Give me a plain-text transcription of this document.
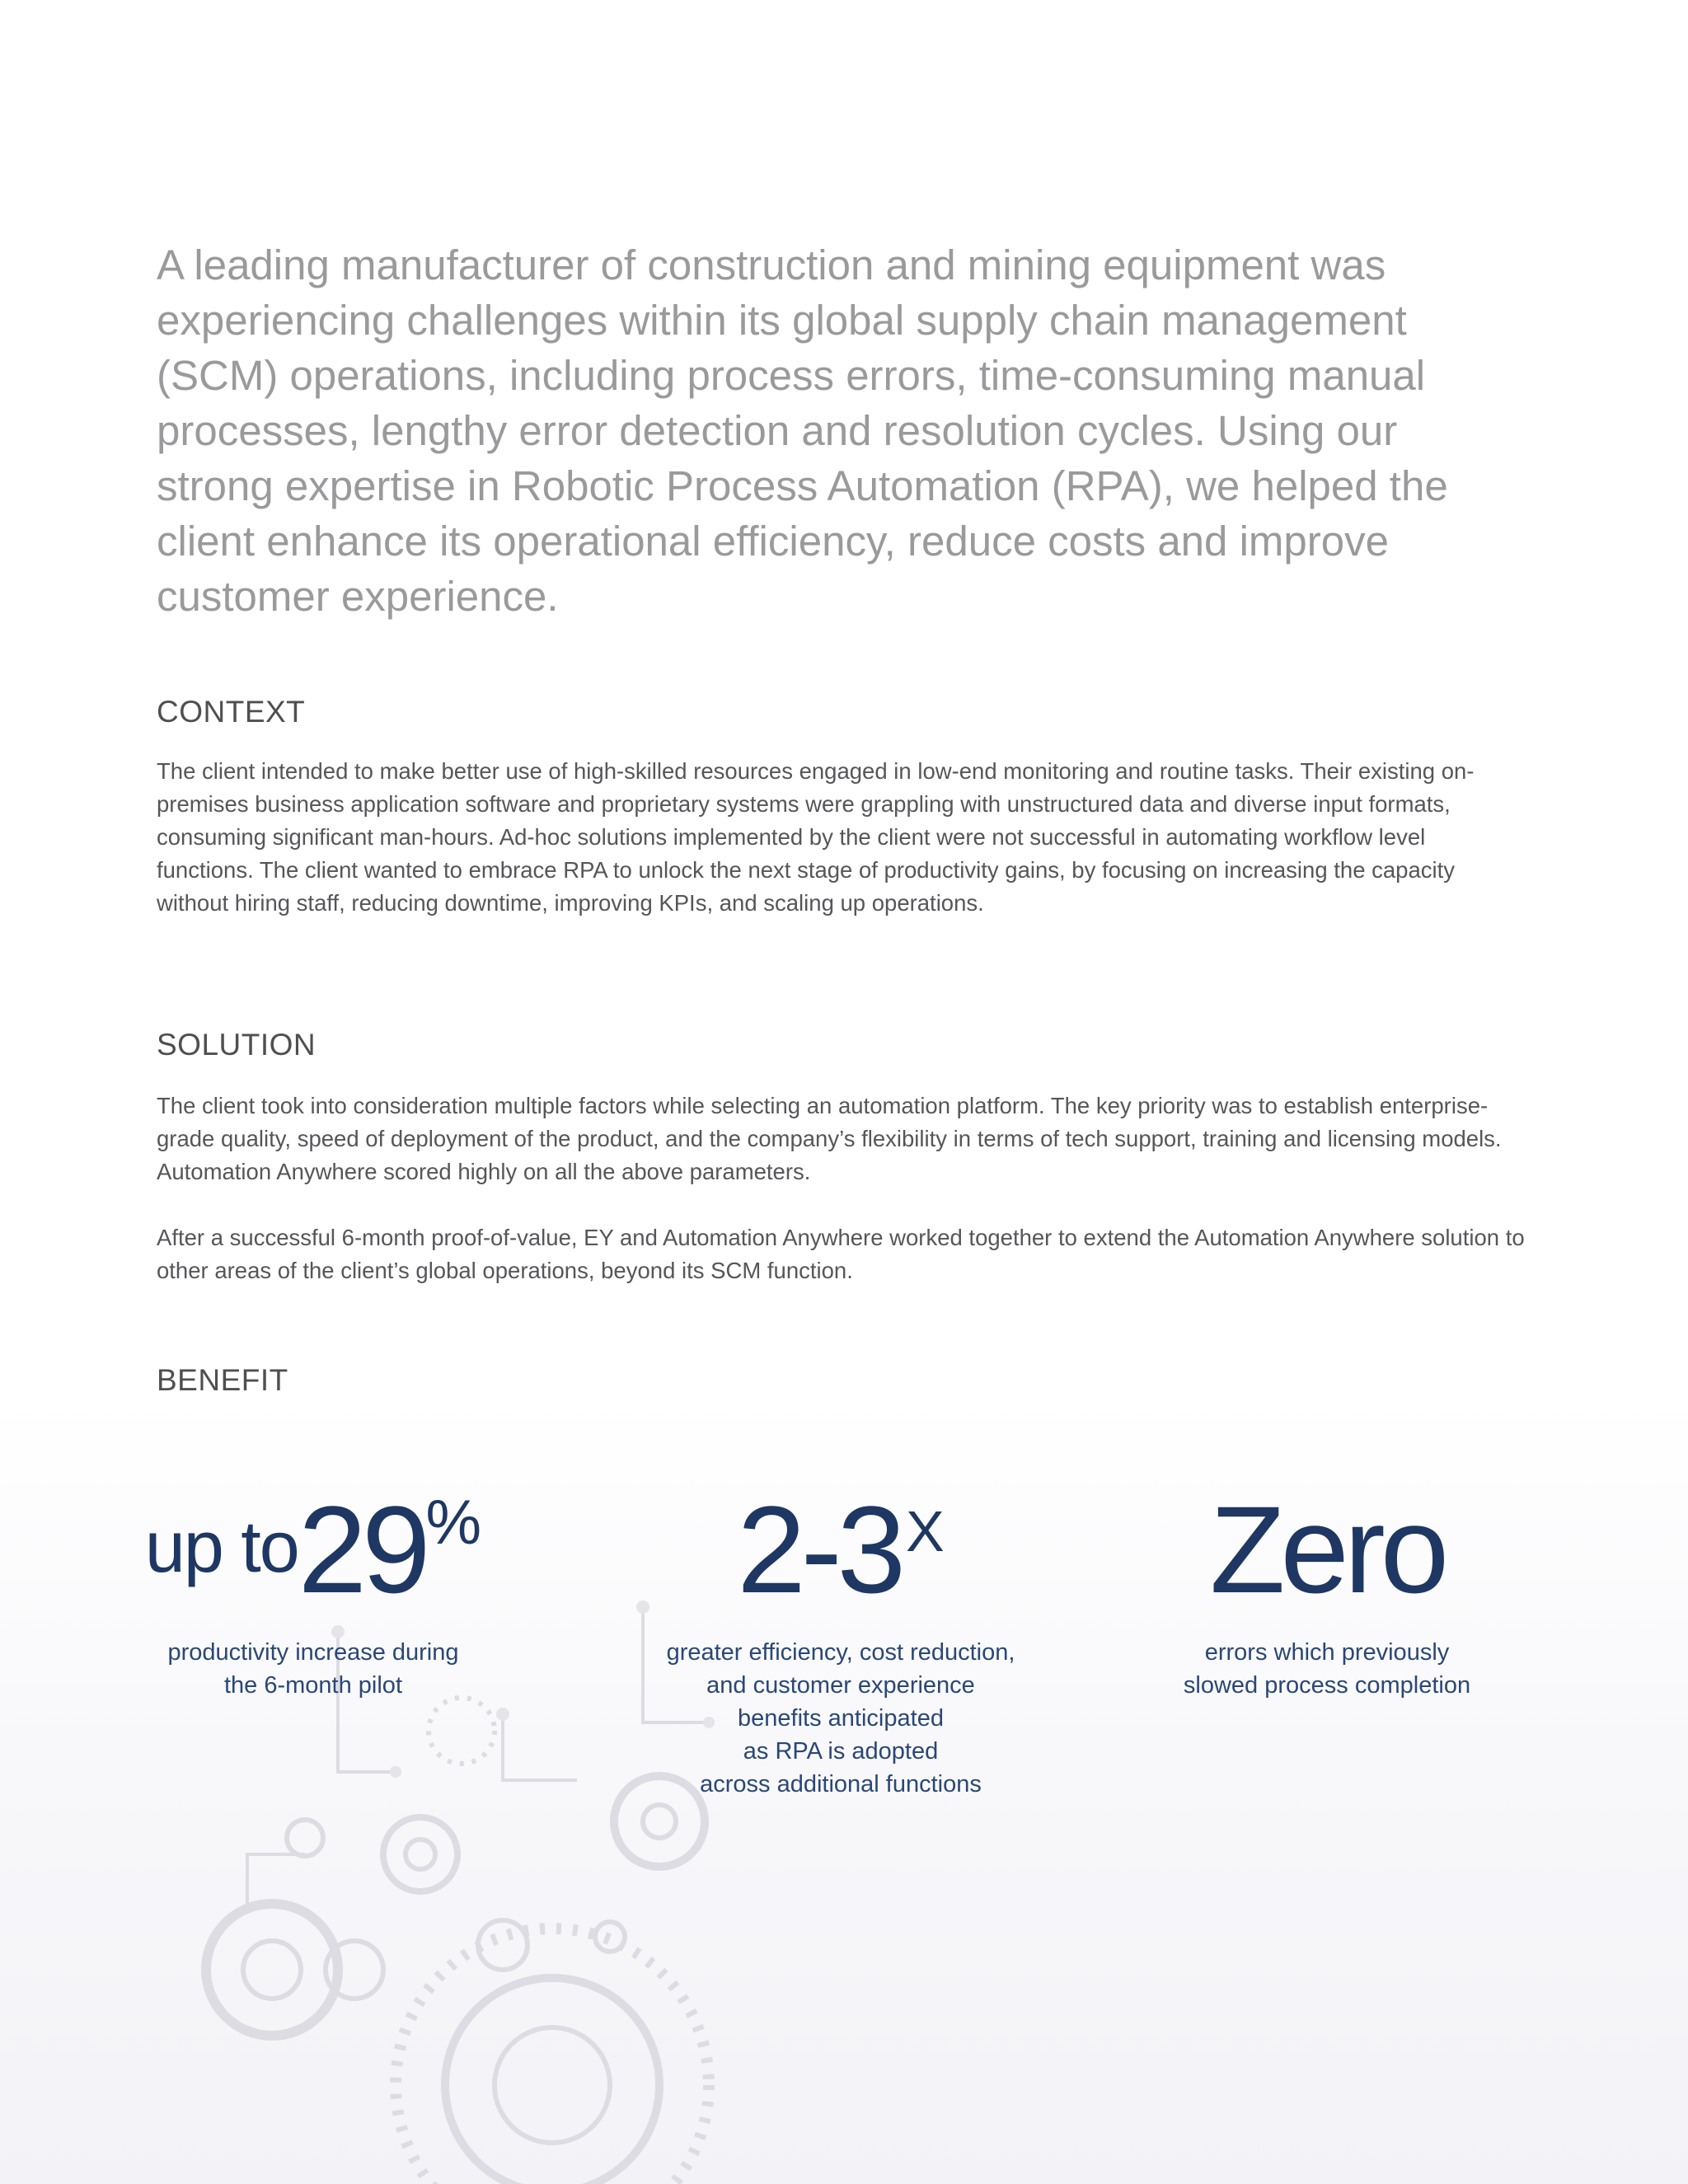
A leading manufacturer of construction and mining equipment was experiencing challenges within its global supply chain management (SCM) operations, including process errors, time-consuming manual processes, lengthy error detection and resolution cycles. Using our strong expertise in Robotic Process Automation (RPA), we helped the client enhance its operational efficiency, reduce costs and improve customer experience.

CONTEXT

The client intended to make better use of high-skilled resources engaged in low-end monitoring and routine tasks. Their existing on-premises business application software and proprietary systems were grappling with unstructured data and diverse input formats, consuming significant man-hours. Ad-hoc solutions implemented by the client were not successful in automating workflow level functions. The client wanted to embrace RPA to unlock the next stage of productivity gains, by focusing on increasing the capacity without hiring staff, reducing downtime, improving KPIs, and scaling up operations.

SOLUTION

The client took into consideration multiple factors while selecting an automation platform. The key priority was to establish enterprise-grade quality, speed of deployment of the product, and the company’s flexibility in terms of tech support, training and licensing models. Automation Anywhere scored highly on all the above parameters.

After a successful 6-month proof-of-value, EY and Automation Anywhere worked together to extend the Automation Anywhere solution to other areas of the client’s global operations, beyond its SCM function.

BENEFIT
up to29%
productivity increase during
the 6-month pilot
2-3X
greater efficiency, cost reduction,
and customer experience
benefits anticipated
as RPA is adopted
across additional functions
Zero
errors which previously
slowed process completion
